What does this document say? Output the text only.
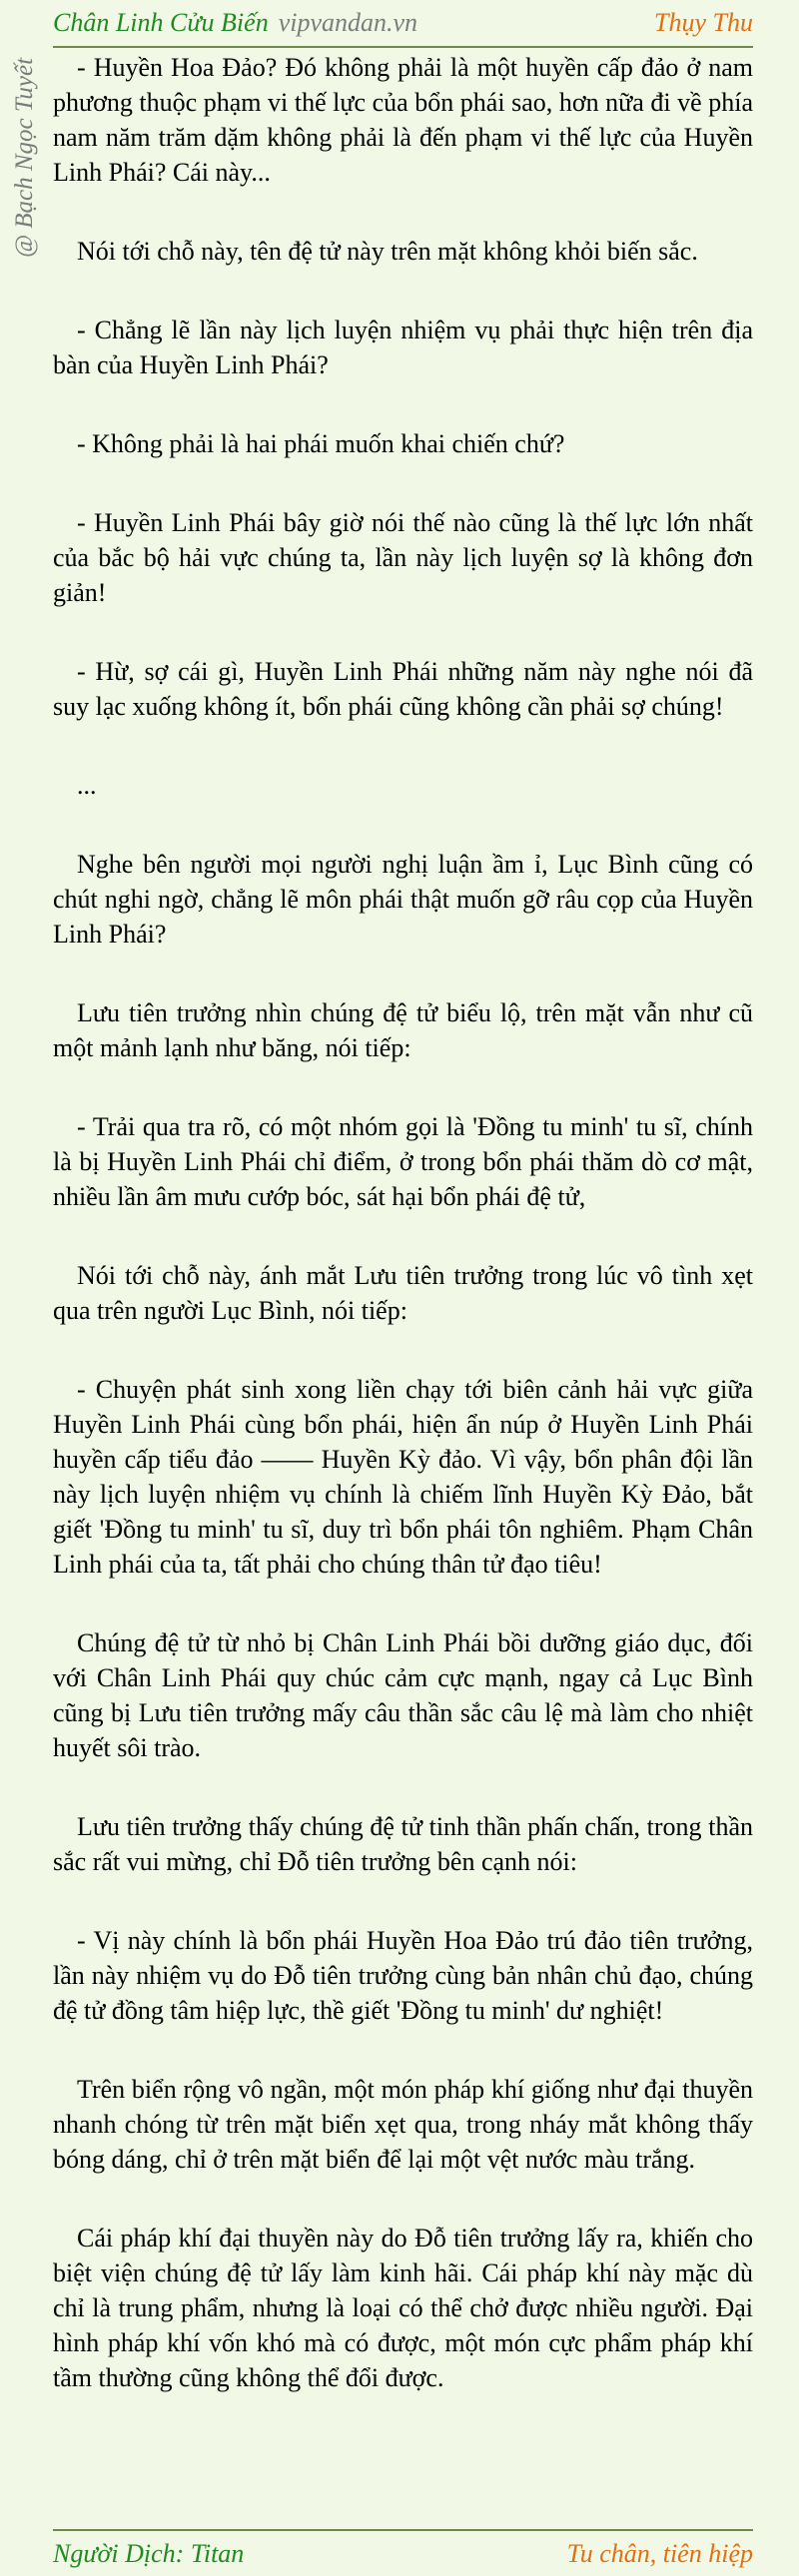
Chân Linh Cửu Biến vipvandan.vn	Thụy Thu
@ Bạch Ngọc Tuyết	- Huyền Hoa Đảo? Đó không phải là một huyền cấp đảo ở nam phương thuộc phạm vi thế lực của bổn phái sao, hơn nữa đi về phía nam năm trăm dặm không phải là đến phạm vi thế lực của Huyền Linh Phái? Cái này...

Nói tới chỗ này, tên đệ tử này trên mặt không khỏi biến sắc.

- Chẳng lẽ lần này lịch luyện nhiệm vụ phải thực hiện trên địa bàn của Huyền Linh Phái?

- Không phải là hai phái muốn khai chiến chứ?

- Huyền Linh Phái bây giờ nói thế nào cũng là thế lực lớn nhất của bắc bộ hải vực chúng ta, lần này lịch luyện sợ là không đơn giản!

- Hừ, sợ cái gì, Huyền Linh Phái những năm này nghe nói đã suy lạc xuống không ít, bổn phái cũng không cần phải sợ chúng!

...

Nghe bên người mọi người nghị luận ầm ỉ, Lục Bình cũng có chút nghi ngờ, chẳng lẽ môn phái thật muốn gỡ râu cọp của Huyền Linh Phái?

Lưu tiên trưởng nhìn chúng đệ tử biểu lộ, trên mặt vẫn như cũ một mảnh lạnh như băng, nói tiếp:

- Trải qua tra rõ, có một nhóm gọi là 'Đồng tu minh' tu sĩ, chính là bị Huyền Linh Phái chỉ điểm, ở trong bổn phái thăm dò cơ mật, nhiều lần âm mưu cướp bóc, sát hại bổn phái đệ tử,

Nói tới chỗ này, ánh mắt Lưu tiên trưởng trong lúc vô tình xẹt qua trên người Lục Bình, nói tiếp:

- Chuyện phát sinh xong liền chạy tới biên cảnh hải vực giữa Huyền Linh Phái cùng bổn phái, hiện ẩn núp ở Huyền Linh Phái huyền cấp tiểu đảo —— Huyền Kỳ đảo. Vì vậy, bổn phân đội lần này lịch luyện nhiệm vụ chính là chiếm lĩnh Huyền Kỳ Đảo, bắt giết 'Đồng tu minh' tu sĩ, duy trì bổn phái tôn nghiêm. Phạm Chân Linh phái của ta, tất phải cho chúng thân tử đạo tiêu!

Chúng đệ tử từ nhỏ bị Chân Linh Phái bồi dưỡng giáo dục, đối với Chân Linh Phái quy chúc cảm cực mạnh, ngay cả Lục Bình cũng bị Lưu tiên trưởng mấy câu thần sắc câu lệ mà làm cho nhiệt huyết sôi trào.

Lưu tiên trưởng thấy chúng đệ tử tinh thần phấn chấn, trong thần sắc rất vui mừng, chỉ Đỗ tiên trưởng bên cạnh nói:

- Vị này chính là bổn phái Huyền Hoa Đảo trú đảo tiên trưởng, lần này nhiệm vụ do Đỗ tiên trưởng cùng bản nhân chủ đạo, chúng đệ tử đồng tâm hiệp lực, thề giết 'Đồng tu minh' dư nghiệt!

Trên biển rộng vô ngần, một món pháp khí giống như đại thuyền nhanh chóng từ trên mặt biển xẹt qua, trong nháy mắt không thấy bóng dáng, chỉ ở trên mặt biển để lại một vệt nước màu trắng.

Cái pháp khí đại thuyền này do Đỗ tiên trưởng lấy ra, khiến cho biệt viện chúng đệ tử lấy làm kinh hãi. Cái pháp khí này mặc dù chỉ là trung phẩm, nhưng là loại có thể chở được nhiều người. Đại hình pháp khí vốn khó mà có được, một món cực phẩm pháp khí tầm thường cũng không thể đổi được.

Người Dịch: Titan	Tu chân, tiên hiệp
